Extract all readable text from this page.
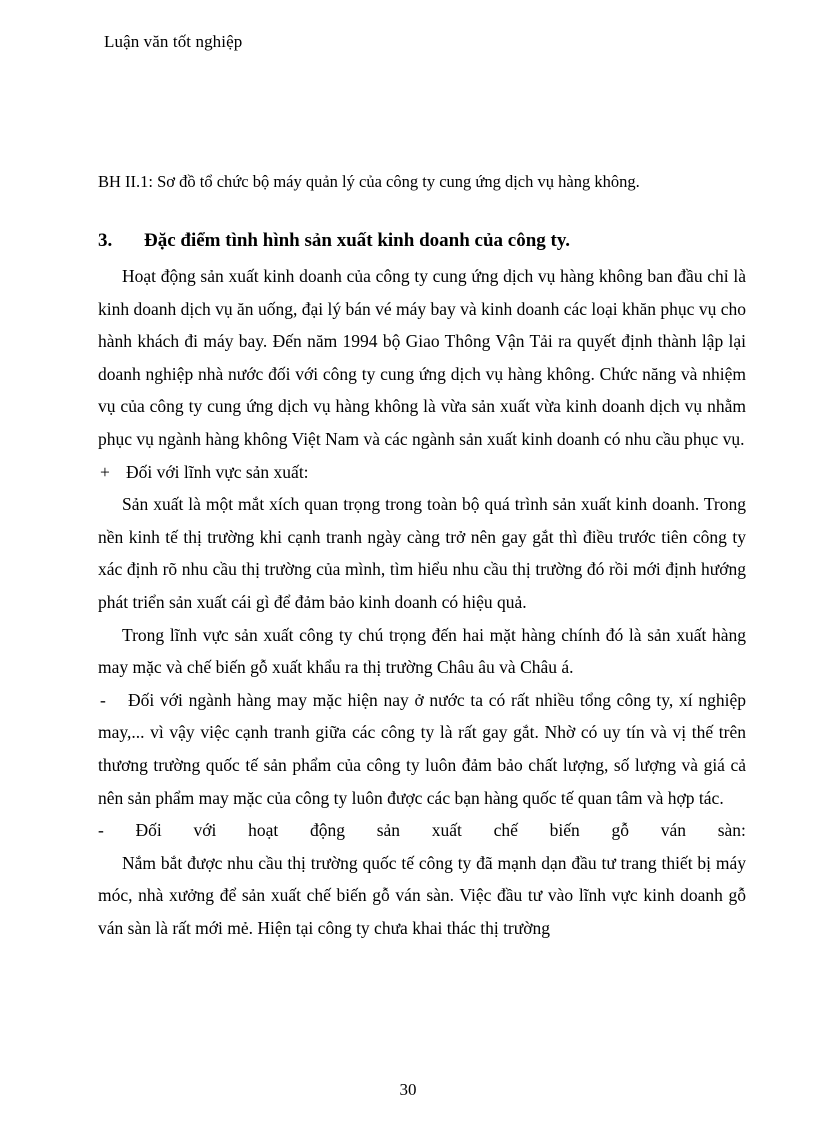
Luận văn tốt nghiệp
BH II.1: Sơ đồ tổ chức bộ máy quản lý của công ty cung ứng dịch vụ hàng không.
3. Đặc điểm tình hình sản xuất kinh doanh của công ty.

Hoạt động sản xuất kinh doanh của công ty cung ứng dịch vụ hàng không ban đầu chỉ là kinh doanh dịch vụ ăn uống, đại lý bán vé máy bay và kinh doanh các loại khăn phục vụ cho hành khách đi máy bay. Đến năm 1994 bộ Giao Thông Vận Tải ra quyết định thành lập lại doanh nghiệp nhà nước đối với công ty cung ứng dịch vụ hàng không. Chức năng và nhiệm vụ của công ty cung ứng dịch vụ hàng không là vừa sản xuất vừa kinh doanh dịch vụ nhằm phục vụ ngành hàng không Việt Nam và các ngành sản xuất kinh doanh có nhu cầu phục vụ.

+ Đối với lĩnh vực sản xuất:

Sản xuất là một mắt xích quan trọng trong toàn bộ quá trình sản xuất kinh doanh. Trong nền kinh tế thị trường khi cạnh tranh ngày càng trở nên gay gắt thì điều trước tiên công ty xác định rõ nhu cầu thị trường của mình, tìm hiểu nhu cầu thị trường đó rồi mới định hướng phát triển sản xuất cái gì để đảm bảo kinh doanh có hiệu quả.

Trong lĩnh vực sản xuất công ty chú trọng đến hai mặt hàng chính đó là sản xuất hàng may mặc và chế biến gỗ xuất khẩu ra thị trường Châu âu và Châu á.

- Đối với ngành hàng may mặc hiện nay ở nước ta có rất nhiều tổng công ty, xí nghiệp may,... vì vậy việc cạnh tranh giữa các công ty là rất gay gắt. Nhờ có uy tín và vị thế trên thương trường quốc tế sản phẩm của công ty luôn đảm bảo chất lượng, số lượng và giá cả nên sản phẩm may mặc của công ty luôn được các bạn hàng quốc tế quan tâm và hợp tác.

- Đối với hoạt động sản xuất chế biến gỗ ván sàn:

Nắm bắt được nhu cầu thị trường quốc tế công ty đã mạnh dạn đầu tư trang thiết bị máy móc, nhà xưởng để sản xuất chế biến gỗ ván sàn. Việc đầu tư vào lĩnh vực kinh doanh gỗ ván sàn là rất mới mẻ. Hiện tại công ty chưa khai thác thị trường

30
